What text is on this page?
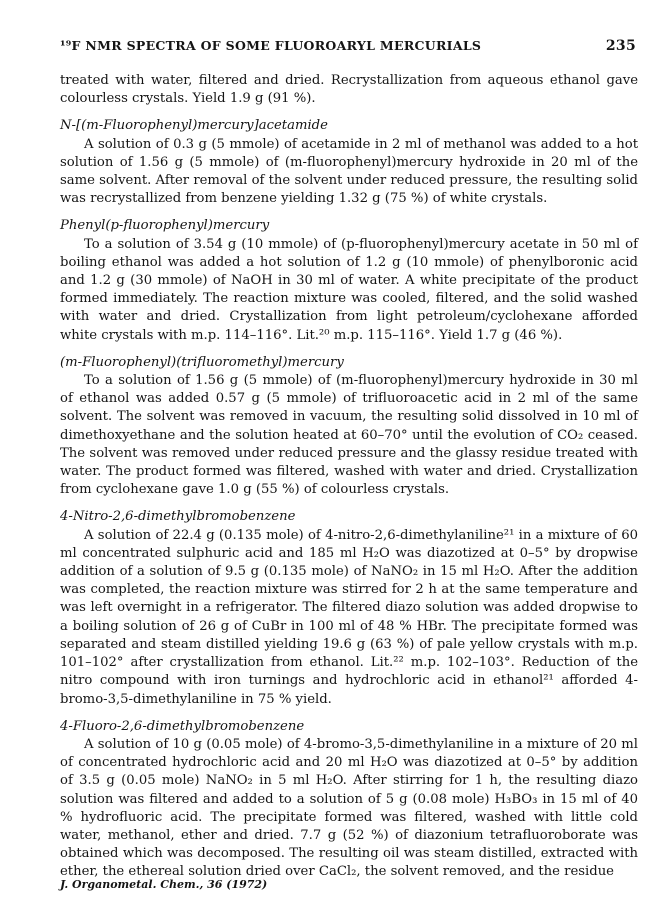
¹⁹F NMR SPECTRA OF SOME FLUOROARYL MERCURIALS	235

treated with water, filtered and dried. Recrystallization from aqueous ethanol gave colourless crystals. Yield 1.9 g (91 %).

N-[(m-Fluorophenyl)mercury]acetamide

A solution of 0.3 g (5 mmole) of acetamide in 2 ml of methanol was added to a hot solution of 1.56 g (5 mmole) of (m-fluorophenyl)mercury hydroxide in 20 ml of the same solvent. After removal of the solvent under reduced pressure, the resulting solid was recrystallized from benzene yielding 1.32 g (75 %) of white crystals.

Phenyl(p-fluorophenyl)mercury

To a solution of 3.54 g (10 mmole) of (p-fluorophenyl)mercury acetate in 50 ml of boiling ethanol was added a hot solution of 1.2 g (10 mmole) of phenylboronic acid and 1.2 g (30 mmole) of NaOH in 30 ml of water. A white precipitate of the product formed immediately. The reaction mixture was cooled, filtered, and the solid washed with water and dried. Crystallization from light petroleum/cyclohexane afforded white crystals with m.p. 114–116°. Lit.²⁰ m.p. 115–116°. Yield 1.7 g (46 %).

(m-Fluorophenyl)(trifluoromethyl)mercury

To a solution of 1.56 g (5 mmole) of (m-fluorophenyl)mercury hydroxide in 30 ml of ethanol was added 0.57 g (5 mmole) of trifluoroacetic acid in 2 ml of the same solvent. The solvent was removed in vacuum, the resulting solid dissolved in 10 ml of dimethoxyethane and the solution heated at 60–70° until the evolution of CO₂ ceased. The solvent was removed under reduced pressure and the glassy residue treated with water. The product formed was filtered, washed with water and dried. Crystallization from cyclohexane gave 1.0 g (55 %) of colourless crystals.

4-Nitro-2,6-dimethylbromobenzene

A solution of 22.4 g (0.135 mole) of 4-nitro-2,6-dimethylaniline²¹ in a mixture of 60 ml concentrated sulphuric acid and 185 ml H₂O was diazotized at 0–5° by dropwise addition of a solution of 9.5 g (0.135 mole) of NaNO₂ in 15 ml H₂O. After the addition was completed, the reaction mixture was stirred for 2 h at the same temperature and was left overnight in a refrigerator. The filtered diazo solution was added dropwise to a boiling solution of 26 g of CuBr in 100 ml of 48 % HBr. The precipitate formed was separated and steam distilled yielding 19.6 g (63 %) of pale yellow crystals with m.p. 101–102° after crystallization from ethanol. Lit.²² m.p. 102–103°. Reduction of the nitro compound with iron turnings and hydrochloric acid in ethanol²¹ afforded 4-bromo-3,5-dimethylaniline in 75 % yield.

4-Fluoro-2,6-dimethylbromobenzene

A solution of 10 g (0.05 mole) of 4-bromo-3,5-dimethylaniline in a mixture of 20 ml of concentrated hydrochloric acid and 20 ml H₂O was diazotized at 0–5° by addition of 3.5 g (0.05 mole) NaNO₂ in 5 ml H₂O. After stirring for 1 h, the resulting diazo solution was filtered and added to a solution of 5 g (0.08 mole) H₃BO₃ in 15 ml of 40 % hydrofluoric acid. The precipitate formed was filtered, washed with little cold water, methanol, ether and dried. 7.7 g (52 %) of diazonium tetrafluoroborate was obtained which was decomposed. The resulting oil was steam distilled, extracted with ether, the ethereal solution dried over CaCl₂, the solvent removed, and the residue

J. Organometal. Chem., 36 (1972)
